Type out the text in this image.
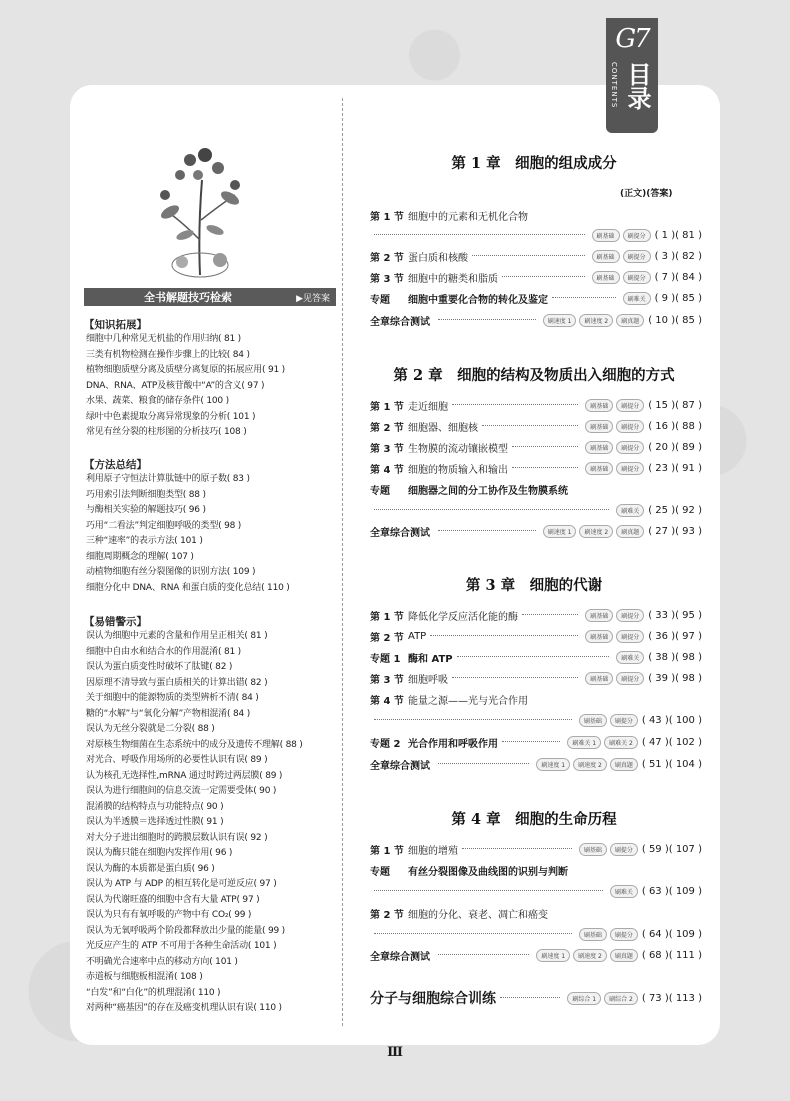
G7
CONTENTS 目录
全书解题技巧检索	▶见答案
【知识拓展】
细胞中几种常见无机盐的作用归纳( 81 )
三类有机物检测在操作步骤上的比较( 84 )
植物细胞质壁分离及质壁分离复原的拓展应用( 91 )
DNA、RNA、ATP及核苷酸中“A”的含义( 97 )
水果、蔬菜、粮食的储存条件( 100 )
绿叶中色素提取分离异常现象的分析( 101 )
常见有丝分裂的柱形图的分析技巧( 108 )
【方法总结】
利用原子守恒法计算肽链中的原子数( 83 )
巧用索引法判断细胞类型( 88 )
与酶相关实验的解题技巧( 96 )
巧用“二看法”判定细胞呼吸的类型( 98 )
三种“速率”的表示方法( 101 )
细胞周期概念的理解( 107 )
动植物细胞有丝分裂图像的识别方法( 109 )
细胞分化中 DNA、RNA 和蛋白质的变化总结( 110 )
【易错警示】
误认为细胞中元素的含量和作用呈正相关( 81 )
细胞中自由水和结合水的作用混淆( 81 )
误认为蛋白质变性时破坏了肽键( 82 )
因原理不清导致与蛋白质相关的计算出错( 82 )
关于细胞中的能源物质的类型辨析不清( 84 )
糖的“水解”与“氧化分解”产物相混淆( 84 )
误认为无丝分裂就是二分裂( 88 )
对原核生物细菌在生态系统中的成分及遗传不理解( 88 )
对光合、呼吸作用场所的必要性认识有误( 89 )
认为核孔无选择性,mRNA 通过时跨过两层膜( 89 )
误认为进行细胞间的信息交流一定需要受体( 90 )
混淆膜的结构特点与功能特点( 90 )
误认为半透膜＝选择透过性膜( 91 )
对大分子进出细胞时的跨膜层数认识有误( 92 )
误认为酶只能在细胞内发挥作用( 96 )
误认为酶的本质都是蛋白质( 96 )
误认为 ATP 与 ADP 的相互转化是可逆反应( 97 )
误认为代谢旺盛的细胞中含有大量 ATP( 97 )
误认为只有有氧呼吸的产物中有 CO₂( 99 )
误认为无氧呼吸两个阶段都释放出少量的能量( 99 )
光反应产生的 ATP 不可用于各种生命活动( 101 )
不明确光合速率中点的移动方向( 101 )
赤道板与细胞板相混淆( 108 )
“白发”和“白化”的机理混淆( 110 )
对两种“癌基因”的存在及癌变机理认识有误( 110 )
第 1 章　细胞的组成成分
(正文)(答案)
第 1 节 细胞中的元素和无机化合物
刷基础	刷提分 ( 1 )( 81 )
第 2 节 蛋白质和核酸	刷基础	刷提分 ( 3 )( 82 )
第 3 节 细胞中的糖类和脂质	刷基础	刷提分 ( 7 )( 84 )
专题	细胞中重要化合物的转化及鉴定	刷难关 ( 9 )( 85 )
全章综合测试	刷速度 1	刷速度 2	刷真题 ( 10 )( 85 )
第 2 章　细胞的结构及物质出入细胞的方式
第 1 节 走近细胞	刷基础	刷提分 ( 15 )( 87 )
第 2 节 细胞器、细胞核	刷基础	刷提分 ( 16 )( 88 )
第 3 节 生物膜的流动镶嵌模型	刷基础	刷提分 ( 20 )( 89 )
第 4 节 细胞的物质输入和输出	刷基础	刷提分 ( 23 )( 91 )
专题	细胞器之间的分工协作及生物膜系统
刷难关 ( 25 )( 92 )
全章综合测试	刷速度 1	刷速度 2	刷真题 ( 27 )( 93 )
第 3 章　细胞的代谢
第 1 节 降低化学反应活化能的酶	刷基础	刷提分 ( 33 )( 95 )
第 2 节 ATP	刷基础	刷提分 ( 36 )( 97 )
专题 1 酶和 ATP	刷难关 ( 38 )( 98 )
第 3 节 细胞呼吸	刷基础	刷提分 ( 39 )( 98 )
第 4 节 能量之源——光与光合作用
刷基础	刷提分 ( 43 )( 100 )
专题 2 光合作用和呼吸作用	刷难关 1	刷难关 2 ( 47 )( 102 )
全章综合测试	刷速度 1	刷速度 2	刷真题 ( 51 )( 104 )
第 4 章　细胞的生命历程
第 1 节 细胞的增殖	刷基础	刷提分 ( 59 )( 107 )
专题	有丝分裂图像及曲线图的识别与判断
刷难关 ( 63 )( 109 )
第 2 节 细胞的分化、衰老、凋亡和癌变
刷基础	刷提分 ( 64 )( 109 )
全章综合测试	刷速度 1	刷速度 2	刷真题 ( 68 )( 111 )
分子与细胞综合训练	刷综合 1	刷综合 2 ( 73 )( 113 )
Ⅲ
